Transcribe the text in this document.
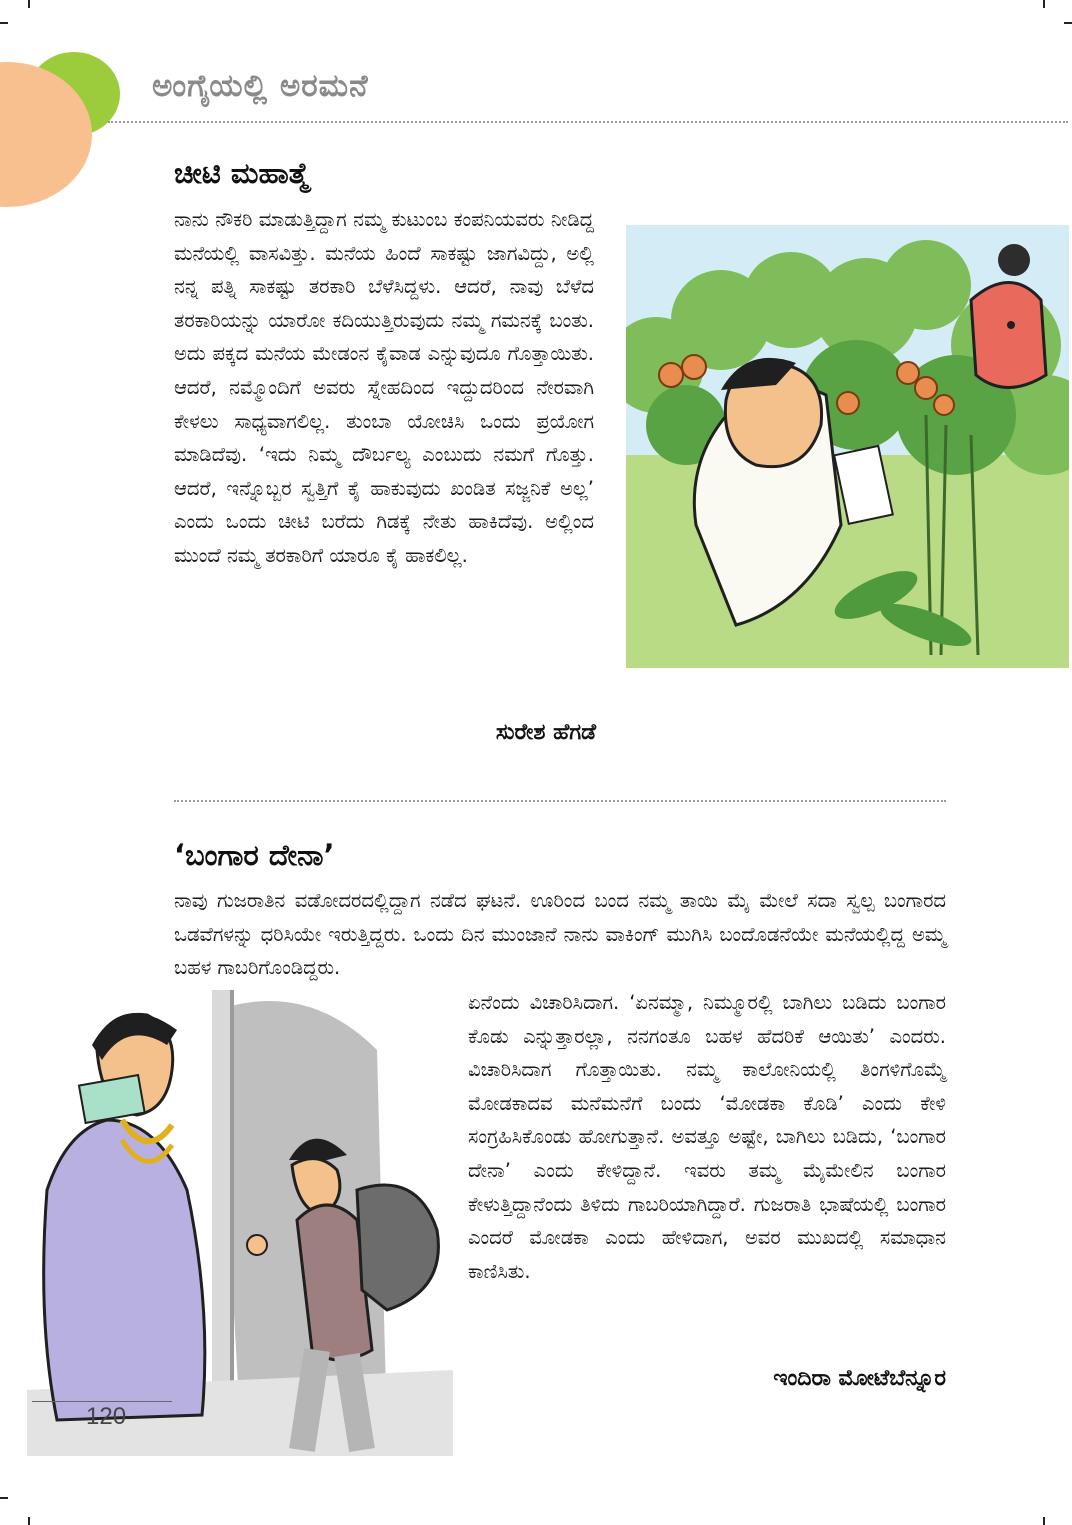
ಅಂಗೈಯಲ್ಲಿ ಅರಮನೆ
ಚೀಟಿ ಮಹಾತ್ಮೆ

ನಾನು ನೌಕರಿ ಮಾಡುತ್ತಿದ್ದಾಗ ನಮ್ಮ ಕುಟುಂಬ ಕಂಪನಿಯವರು ನೀಡಿದ್ದ ಮನೆಯಲ್ಲಿ ವಾಸವಿತ್ತು. ಮನೆಯ ಹಿಂದೆ ಸಾಕಷ್ಟು ಜಾಗವಿದ್ದು, ಅಲ್ಲಿ ನನ್ನ ಪತ್ನಿ ಸಾಕಷ್ಟು ತರಕಾರಿ ಬೆಳೆಸಿದ್ದಳು. ಆದರೆ, ನಾವು ಬೆಳೆದ ತರಕಾರಿಯನ್ನು ಯಾರೋ ಕದಿಯುತ್ತಿರುವುದು ನಮ್ಮ ಗಮನಕ್ಕೆ ಬಂತು. ಅದು ಪಕ್ಕದ ಮನೆಯ ಮೇಡಂನ ಕೈವಾಡ ಎನ್ನುವುದೂ ಗೊತ್ತಾಯಿತು. ಆದರೆ, ನಮ್ಮೊಂದಿಗೆ ಅವರು ಸ್ನೇಹದಿಂದ ಇದ್ದುದರಿಂದ ನೇರವಾಗಿ ಕೇಳಲು ಸಾಧ್ಯವಾಗಲಿಲ್ಲ. ತುಂಬಾ ಯೋಚಿಸಿ ಒಂದು ಪ್ರಯೋಗ ಮಾಡಿದೆವು. ‘ಇದು ನಿಮ್ಮ ದೌರ್ಬಲ್ಯ ಎಂಬುದು ನಮಗೆ ಗೊತ್ತು. ಆದರೆ, ಇನ್ನೊಬ್ಬರ ಸ್ವತ್ತಿಗೆ ಕೈ ಹಾಕುವುದು ಖಂಡಿತ ಸಜ್ಜನಿಕೆ ಅಲ್ಲ’ ಎಂದು ಒಂದು ಚೀಟಿ ಬರೆದು ಗಿಡಕ್ಕೆ ನೇತು ಹಾಕಿದೆವು. ಅಲ್ಲಿಂದ ಮುಂದೆ ನಮ್ಮ ತರಕಾರಿಗೆ ಯಾರೂ ಕೈ ಹಾಕಲಿಲ್ಲ.

ಸುರೇಶ ಹೆಗಡೆ

‘ಬಂಗಾರ ದೇನಾ’

ನಾವು ಗುಜರಾತಿನ ವಡೋದರದಲ್ಲಿದ್ದಾಗ ನಡೆದ ಘಟನೆ. ಊರಿಂದ ಬಂದ ನಮ್ಮ ತಾಯಿ ಮೈ ಮೇಲೆ ಸದಾ ಸ್ವಲ್ಪ ಬಂಗಾರದ ಒಡವೆಗಳನ್ನು ಧರಿಸಿಯೇ ಇರುತ್ತಿದ್ದರು. ಒಂದು ದಿನ ಮುಂಜಾನೆ ನಾನು ವಾಕಿಂಗ್ ಮುಗಿಸಿ ಬಂದೊಡನೆಯೇ ಮನೆಯಲ್ಲಿದ್ದ ಅಮ್ಮ ಬಹಳ ಗಾಬರಿಗೊಂಡಿದ್ದರು.

ಏನೆಂದು ವಿಚಾರಿಸಿದಾಗ. ‘ಏನಮ್ಮಾ, ನಿಮ್ಮೂರಲ್ಲಿ ಬಾಗಿಲು ಬಡಿದು ಬಂಗಾರ ಕೊಡು ಎನ್ನುತ್ತಾರಲ್ಲಾ, ನನಗಂತೂ ಬಹಳ ಹೆದರಿಕೆ ಆಯಿತು’ ಎಂದರು. ವಿಚಾರಿಸಿದಾಗ ಗೊತ್ತಾಯಿತು. ನಮ್ಮ ಕಾಲೋನಿಯಲ್ಲಿ ತಿಂಗಳಿಗೊಮ್ಮೆ ಮೋಡಕಾದವ ಮನೆಮನೆಗೆ ಬಂದು ‘ಮೋಡಕಾ ಕೊಡಿ’ ಎಂದು ಕೇಳಿ ಸಂಗ್ರಹಿಸಿಕೊಂಡು ಹೋಗುತ್ತಾನೆ. ಅವತ್ತೂ ಅಷ್ಟೇ, ಬಾಗಿಲು ಬಡಿದು, ‘ಬಂಗಾರ ದೇನಾ’ ಎಂದು ಕೇಳಿದ್ದಾನೆ. ಇವರು ತಮ್ಮ ಮೈಮೇಲಿನ ಬಂಗಾರ ಕೇಳುತ್ತಿದ್ದಾನೆಂದು ತಿಳಿದು ಗಾಬರಿಯಾಗಿದ್ದಾರೆ. ಗುಜರಾತಿ ಭಾಷೆಯಲ್ಲಿ ಬಂಗಾರ ಎಂದರೆ ಮೋಡಕಾ ಎಂದು ಹೇಳಿದಾಗ, ಅವರ ಮುಖದಲ್ಲಿ ಸಮಾಧಾನ ಕಾಣಿಸಿತು.

ಇಂದಿರಾ ಮೋಟೆಬೆನ್ನೂರ

120
